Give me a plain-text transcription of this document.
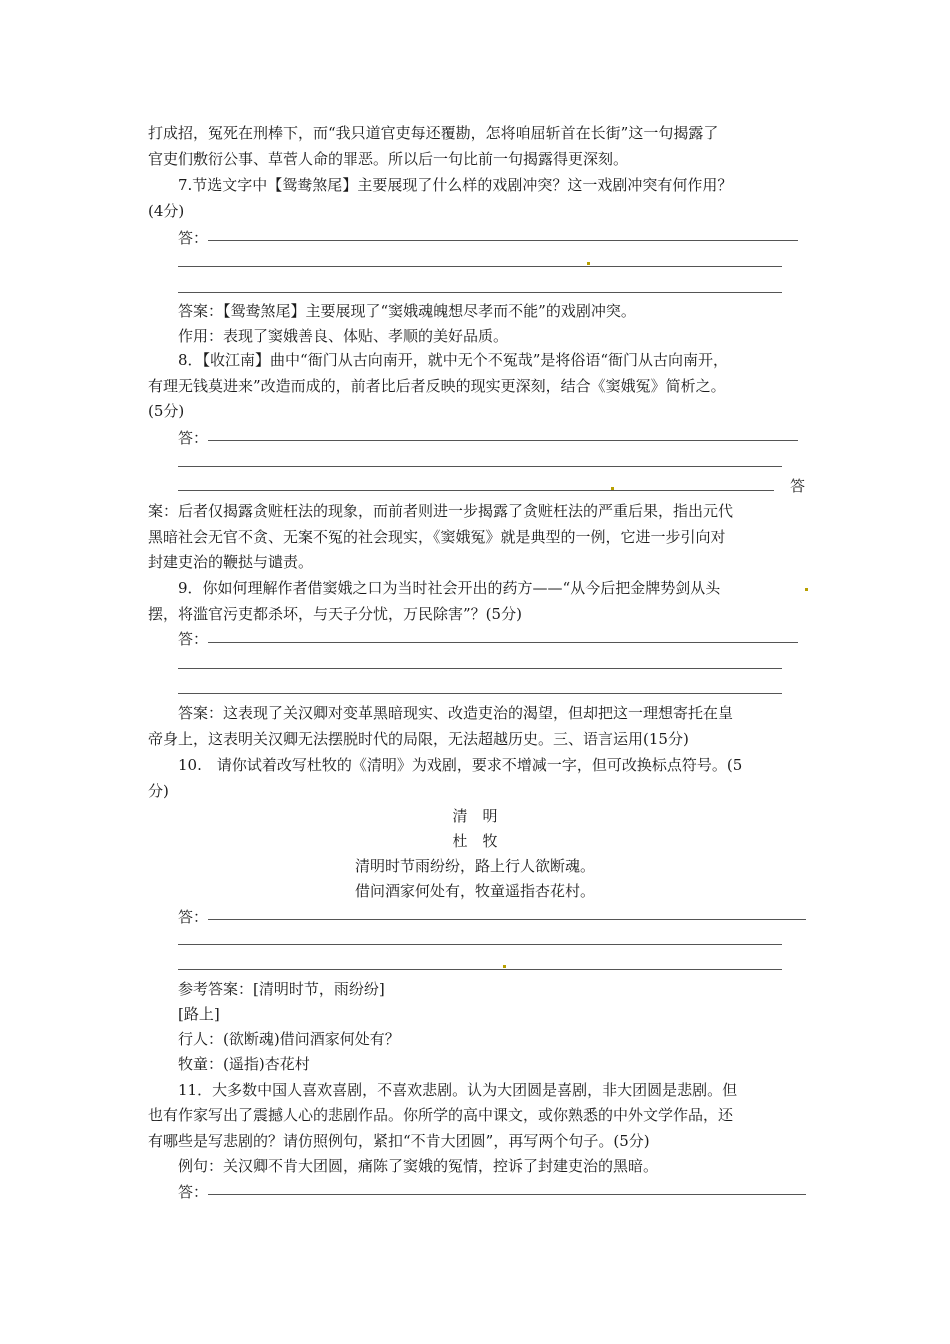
打成招，冤死在刑棒下，而“我只道官吏每还覆勘，怎将咱屈斩首在长街”这一句揭露了
官吏们敷衍公事、草菅人命的罪恶。所以后一句比前一句揭露得更深刻。
7.节选文字中【鸳鸯煞尾】主要展现了什么样的戏剧冲突？这一戏剧冲突有何作用？
(4分)
答：
答案：【鸳鸯煞尾】主要展现了“窦娥魂魄想尽孝而不能”的戏剧冲突。
作用：表现了窦娥善良、体贴、孝顺的美好品质。
8．【收江南】曲中“衙门从古向南开，就中无个不冤哉”是将俗语“衙门从古向南开，
有理无钱莫进来”改造而成的，前者比后者反映的现实更深刻，结合《窦娥冤》简析之。
(5分)
答：
答
案：后者仅揭露贪赃枉法的现象，而前者则进一步揭露了贪赃枉法的严重后果，指出元代
黑暗社会无官不贪、无案不冤的社会现实，《窦娥冤》就是典型的一例，它进一步引向对
封建吏治的鞭挞与谴责。
9．你如何理解作者借窦娥之口为当时社会开出的药方——“从今后把金牌势剑从头
摆，将滥官污吏都杀坏，与天子分忧，万民除害”？(5分)
答：
答案：这表现了关汉卿对变革黑暗现实、改造吏治的渴望，但却把这一理想寄托在皇
帝身上，这表明关汉卿无法摆脱时代的局限，无法超越历史。三、语言运用(15分)
10.　请你试着改写杜牧的《清明》为戏剧，要求不增减一字，但可改换标点符号。(5
分)
清　明
杜　牧
清明时节雨纷纷，路上行人欲断魂。
借问酒家何处有，牧童遥指杏花村。
答：
参考答案：[清明时节，雨纷纷]
[路上]
行人：(欲断魂)借问酒家何处有？
牧童：(遥指)杏花村
11．大多数中国人喜欢喜剧，不喜欢悲剧。认为大团圆是喜剧，非大团圆是悲剧。但
也有作家写出了震撼人心的悲剧作品。你所学的高中课文，或你熟悉的中外文学作品，还
有哪些是写悲剧的？请仿照例句，紧扣“不肯大团圆”，再写两个句子。(5分)
例句：关汉卿不肯大团圆，痛陈了窦娥的冤情，控诉了封建吏治的黑暗。
答：
